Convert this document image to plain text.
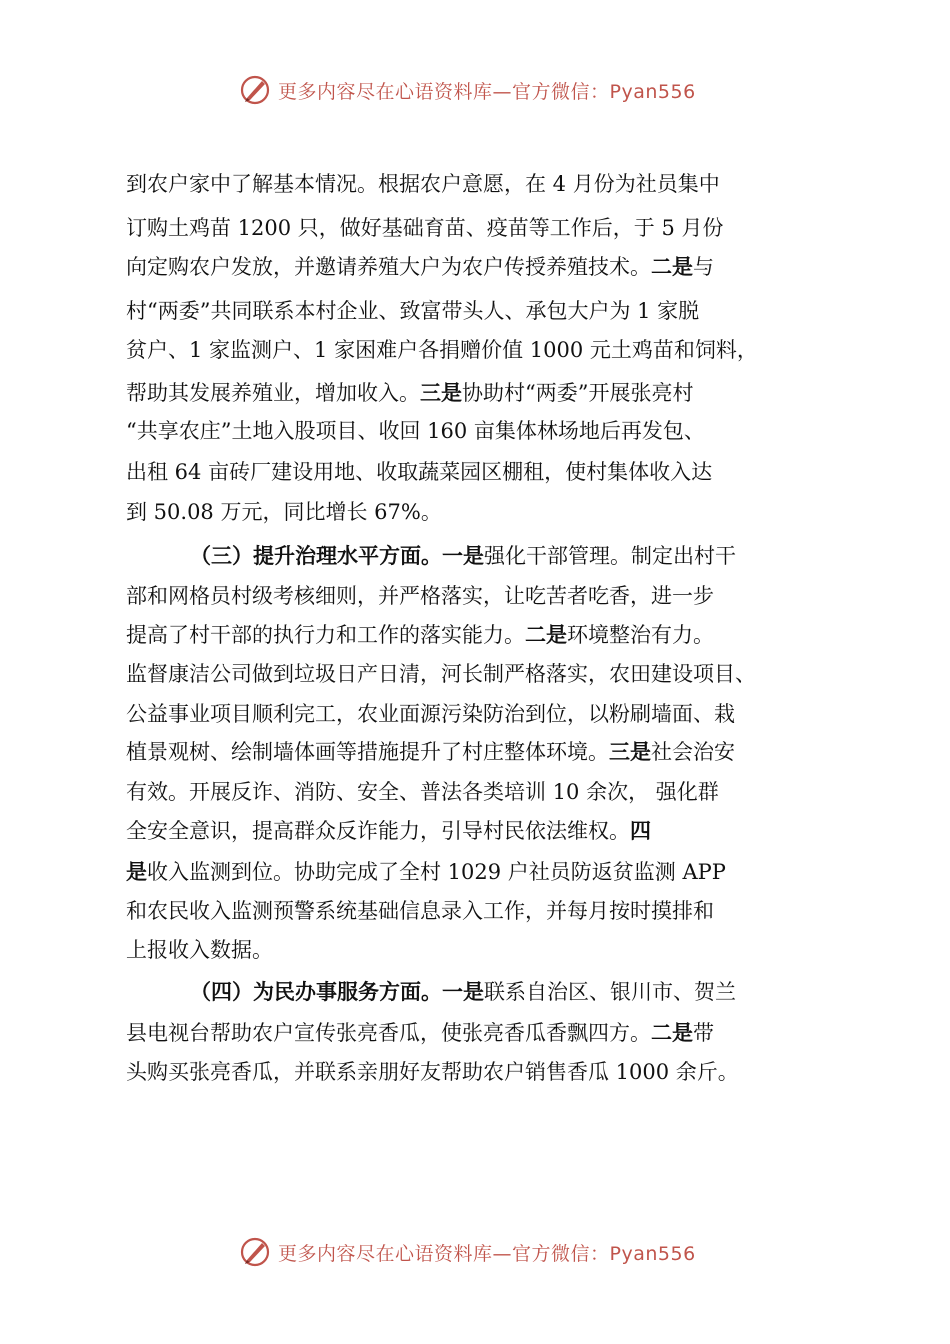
更多内容尽在心语资料库—官方微信：Pyan556
到农户家中了解基本情况。根据农户意愿，在 4 月份为社员集中
订购土鸡苗 1200 只，做好基础育苗、疫苗等工作后，于 5 月份
向定购农户发放，并邀请养殖大户为农户传授养殖技术。二是与
村“两委”共同联系本村企业、致富带头人、承包大户为 1 家脱
贫户、1 家监测户、1 家困难户各捐赠价值 1000 元土鸡苗和饲料，
帮助其发展养殖业，增加收入。三是协助村“两委”开展张亮村
“共享农庄”土地入股项目、收回 160 亩集体林场地后再发包、
出租 64 亩砖厂建设用地、收取蔬菜园区棚租，使村集体收入达
到 50.08 万元，同比增长 67%。
（三）提升治理水平方面。一是强化干部管理。制定出村干
部和网格员村级考核细则，并严格落实，让吃苦者吃香，进一步
提高了村干部的执行力和工作的落实能力。二是环境整治有力。
监督康洁公司做到垃圾日产日清，河长制严格落实，农田建设项目、
公益事业项目顺利完工，农业面源污染防治到位，以粉刷墙面、栽
植景观树、绘制墙体画等措施提升了村庄整体环境。三是社会治安
有效。开展反诈、消防、安全、普法各类培训 10 余次， 强化群
全安全意识，提高群众反诈能力，引导村民依法维权。四
是收入监测到位。协助完成了全村 1029 户社员防返贫监测 APP
和农民收入监测预警系统基础信息录入工作，并每月按时摸排和
上报收入数据。
（四）为民办事服务方面。一是联系自治区、银川市、贺兰
县电视台帮助农户宣传张亮香瓜，使张亮香瓜香飘四方。二是带
头购买张亮香瓜，并联系亲朋好友帮助农户销售香瓜 1000 余斤。
更多内容尽在心语资料库—官方微信：Pyan556
